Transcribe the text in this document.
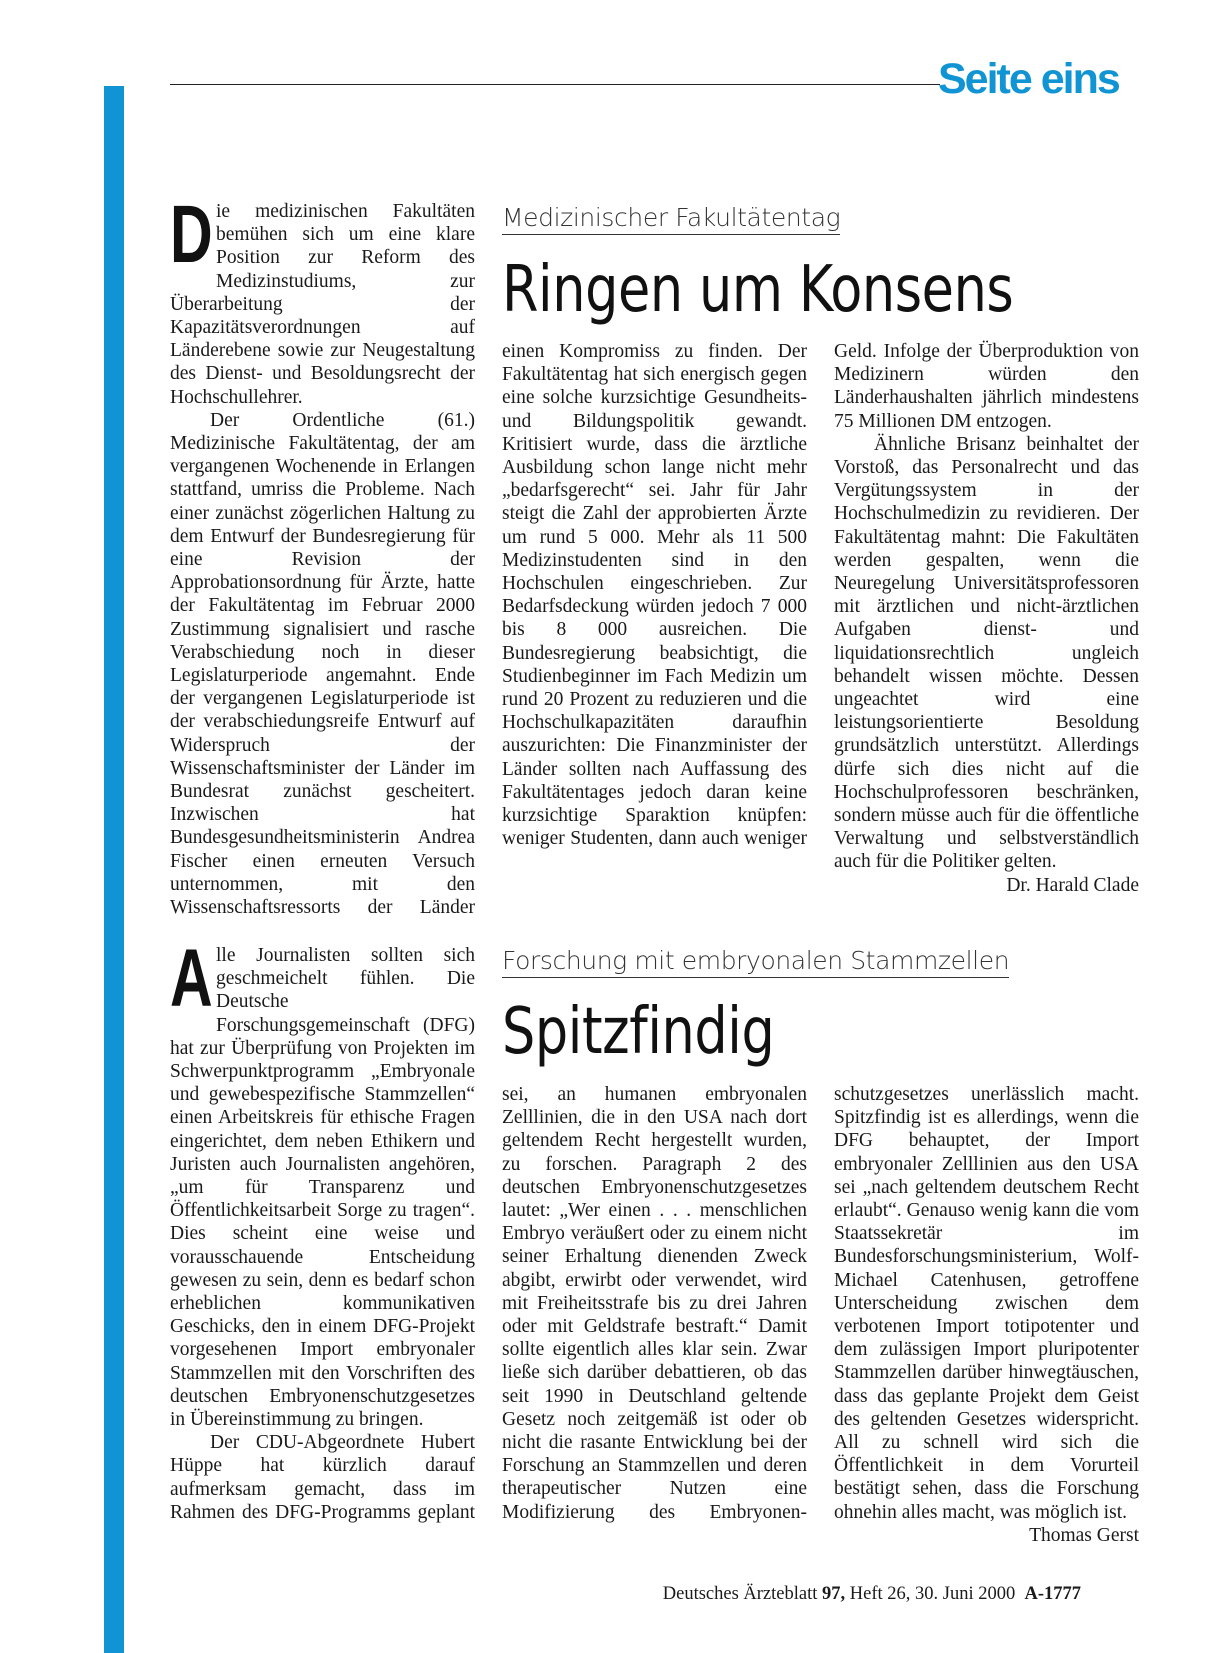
Seite eins

Die medizinischen Fakultäten bemühen sich um eine klare Position zur Reform des Medizinstudiums, zur Überarbeitung der Kapazitätsverordnungen auf Länderebene sowie zur Neugestaltung des Dienst- und Besoldungsrecht der Hochschullehrer.

Der Ordentliche (61.) Medizinische Fakultätentag, der am vergangenen Wochenende in Erlangen stattfand, umriss die Probleme. Nach einer zunächst zögerlichen Haltung zu dem Entwurf der Bundesregierung für eine Revision der Approbationsordnung für Ärzte, hatte der Fakultätentag im Februar 2000 Zustimmung signalisiert und rasche Verabschiedung noch in dieser Legislaturperiode angemahnt. Ende der vergangenen Legislaturperiode ist der verabschiedungsreife Entwurf auf Widerspruch der Wissenschaftsminister der Länder im Bundesrat zunächst gescheitert. Inzwischen hat Bundesgesundheitsministerin Andrea Fischer einen erneuten Versuch unternommen, mit den Wissenschaftsressorts der Länder

Medizinischer Fakultätentag
Ringen um Konsens

einen Kompromiss zu finden. Der Fakultätentag hat sich energisch gegen eine solche kurzsichtige Gesundheits- und Bildungspolitik gewandt. Kritisiert wurde, dass die ärztliche Ausbildung schon lange nicht mehr „bedarfsgerecht“ sei. Jahr für Jahr steigt die Zahl der approbierten Ärzte um rund 5 000. Mehr als 11 500 Medizinstudenten sind in den Hochschulen eingeschrieben. Zur Bedarfsdeckung würden jedoch 7 000 bis 8 000 ausreichen. Die Bundesregierung beabsichtigt, die Studienbeginner im Fach Medizin um rund 20 Prozent zu reduzieren und die Hochschulkapazitäten daraufhin auszurichten: Die Finanzminister der Länder sollten nach Auffassung des Fakultätentages jedoch daran keine kurzsichtige Sparaktion knüpfen: weniger Studenten, dann auch weniger

Geld. Infolge der Überproduktion von Medizinern würden den Länderhaushalten jährlich mindestens 75 Millionen DM entzogen.

Ähnliche Brisanz beinhaltet der Vorstoß, das Personalrecht und das Vergütungssystem in der Hochschulmedizin zu revidieren. Der Fakultätentag mahnt: Die Fakultäten werden gespalten, wenn die Neuregelung Universitätsprofessoren mit ärztlichen und nicht-ärztlichen Aufgaben dienst- und liquidationsrechtlich ungleich behandelt wissen möchte. Dessen ungeachtet wird eine leistungsorientierte Besoldung grundsätzlich unterstützt. Allerdings dürfe sich dies nicht auf die Hochschulprofessoren beschränken, sondern müsse auch für die öffentliche Verwaltung und selbstverständlich auch für die Politiker gelten.
Dr. Harald Clade

Alle Journalisten sollten sich geschmeichelt fühlen. Die Deutsche Forschungsgemeinschaft (DFG) hat zur Überprüfung von Projekten im Schwerpunktprogramm „Embryonale und gewebespezifische Stammzellen“ einen Arbeitskreis für ethische Fragen eingerichtet, dem neben Ethikern und Juristen auch Journalisten angehören, „um für Transparenz und Öffentlichkeitsarbeit Sorge zu tragen“. Dies scheint eine weise und vorausschauende Entscheidung gewesen zu sein, denn es bedarf schon erheblichen kommunikativen Geschicks, den in einem DFG-Projekt vorgesehenen Import embryonaler Stammzellen mit den Vorschriften des deutschen Embryonenschutzgesetzes in Übereinstimmung zu bringen.

Der CDU-Abgeordnete Hubert Hüppe hat kürzlich darauf aufmerksam gemacht, dass im Rahmen des DFG-Programms geplant

Forschung mit embryonalen Stammzellen
Spitzfindig

sei, an humanen embryonalen Zelllinien, die in den USA nach dort geltendem Recht hergestellt wurden, zu forschen. Paragraph 2 des deutschen Embryonenschutzgesetzes lautet: „Wer einen . . . menschlichen Embryo veräußert oder zu einem nicht seiner Erhaltung dienenden Zweck abgibt, erwirbt oder verwendet, wird mit Freiheitsstrafe bis zu drei Jahren oder mit Geldstrafe bestraft.“ Damit sollte eigentlich alles klar sein. Zwar ließe sich darüber debattieren, ob das seit 1990 in Deutschland geltende Gesetz noch zeitgemäß ist oder ob nicht die rasante Entwicklung bei der Forschung an Stammzellen und deren therapeutischer Nutzen eine Modifizierung des Embryonen-

schutzgesetzes unerlässlich macht. Spitzfindig ist es allerdings, wenn die DFG behauptet, der Import embryonaler Zelllinien aus den USA sei „nach geltendem deutschem Recht erlaubt“. Genauso wenig kann die vom Staatssekretär im Bundesforschungsministerium, Wolf-Michael Catenhusen, getroffene Unterscheidung zwischen dem verbotenen Import totipotenter und dem zulässigen Import pluripotenter Stammzellen darüber hinwegtäuschen, dass das geplante Projekt dem Geist des geltenden Gesetzes widerspricht. All zu schnell wird sich die Öffentlichkeit in dem Vorurteil bestätigt sehen, dass die Forschung ohnehin alles macht, was möglich ist.
Thomas Gerst

Deutsches Ärzteblatt 97, Heft 26, 30. Juni 2000 A-1777
